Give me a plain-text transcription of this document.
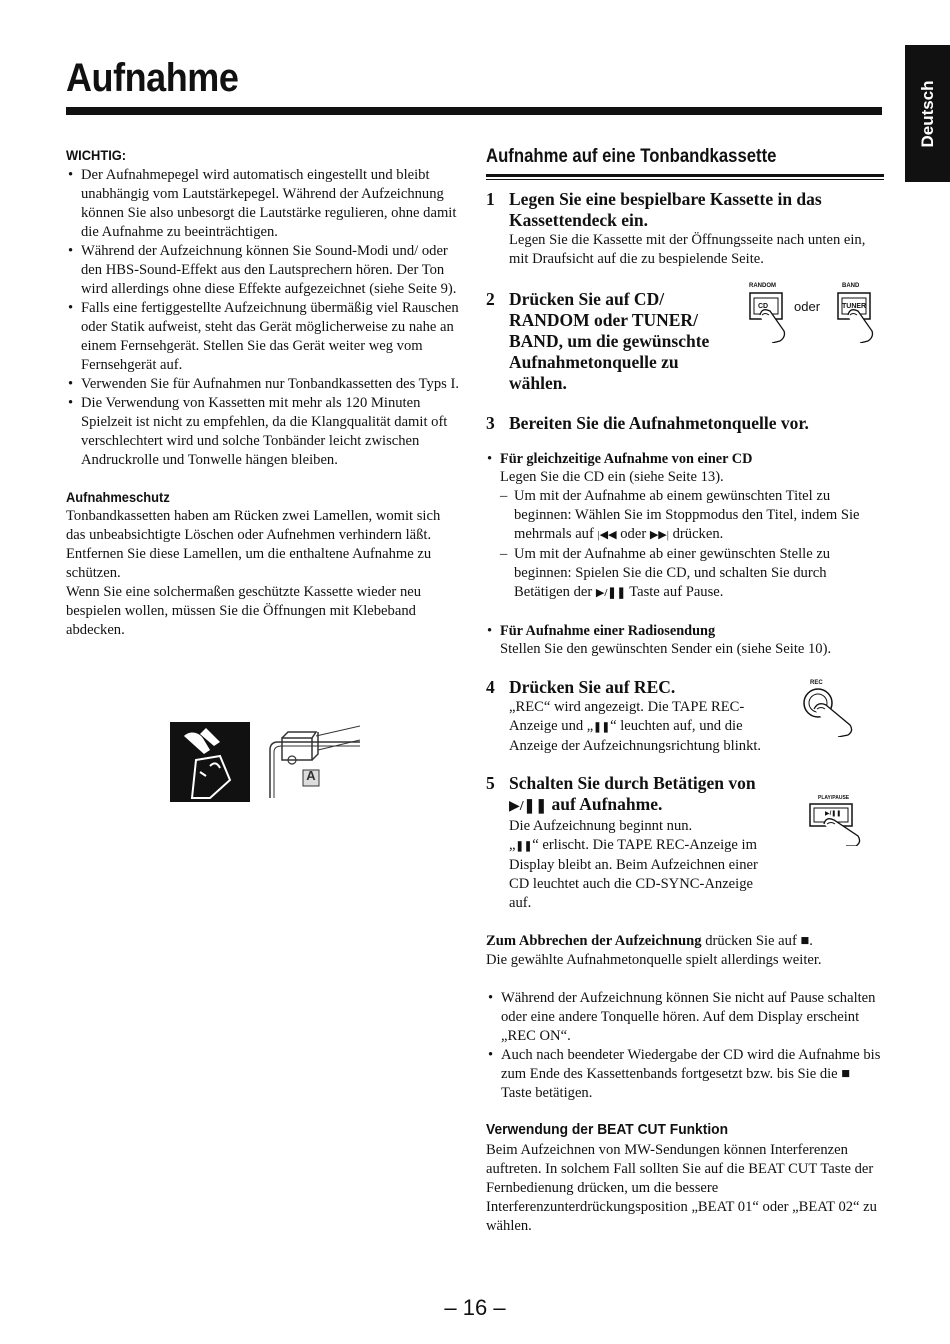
Aufnahme
Deutsch
WICHTIG:
• Der Aufnahmepegel wird automatisch eingestellt und bleibt unabhängig vom Lautstärkepegel. Während der Aufzeichnung können Sie also unbesorgt die Lautstärke regulieren, ohne damit die Aufnahme zu beeinträchtigen.
• Während der Aufzeichnung können Sie Sound-Modi und/ oder den HBS-Sound-Effekt aus den Lautsprechern hören. Der Ton wird allerdings ohne diese Effekte aufgezeichnet (siehe Seite 9).
• Falls eine fertiggestellte Aufzeichnung übermäßig viel Rauschen oder Statik aufweist, steht das Gerät möglicherweise zu nahe an einem Fernsehgerät. Stellen Sie das Gerät weiter weg vom Fernsehgerät auf.
• Verwenden Sie für Aufnahmen nur Tonbandkassetten des Typs I.
• Die Verwendung von Kassetten mit mehr als 120 Minuten Spielzeit ist nicht zu empfehlen, da die Klangqualität damit oft verschlechtert wird und solche Tonbänder leicht zwischen Andruckrolle und Tonwelle hängen bleiben.
Aufnahmeschutz

Tonbandkassetten haben am Rücken zwei Lamellen, womit sich das unbeabsichtigte Löschen oder Aufnehmen verhindern läßt.

Entfernen Sie diese Lamellen, um die enthaltene Aufnahme zu schützen.

Wenn Sie eine solchermaßen geschützte Kassette wieder neu bespielen wollen, müssen Sie die Öffnungen mit Klebeband abdecken.

A
Aufnahme auf eine Tonbandkassette
1 Legen Sie eine bespielbare Kassette in das Kassettendeck ein.

Legen Sie die Kassette mit der Öffnungsseite nach unten ein, mit Draufsicht auf die zu bespielende Seite.

2 Drücken Sie auf CD/ RANDOM oder TUNER/ BAND, um die gewünschte Aufnahmetonquelle zu wählen.
3 Bereiten Sie die Aufnahmetonquelle vor.
• Für gleichzeitige Aufnahme von einer CD

Legen Sie die CD ein (siehe Seite 13).

– Um mit der Aufnahme ab einem gewünschten Titel zu beginnen: Wählen Sie im Stoppmodus den Titel, indem Sie mehrmals auf |◀◀ oder ▶▶| drücken.
– Um mit der Aufnahme ab einer gewünschten Stelle zu beginnen: Spielen Sie die CD, und schalten Sie durch Betätigen der ▶/❚❚ Taste auf Pause.
• Für Aufnahme einer Radiosendung

Stellen Sie den gewünschten Sender ein (siehe Seite 10).

4 Drücken Sie auf REC.

„REC“ wird angezeigt. Die TAPE REC-Anzeige und „❚❚“ leuchten auf, und die Anzeige der Aufzeichnungsrichtung blinkt.

5 Schalten Sie durch Betätigen von ▶/❚❚ auf Aufnahme.

Die Aufzeichnung beginnt nun.

„❚❚“ erlischt. Die TAPE REC-Anzeige im Display bleibt an. Beim Aufzeichnen einer CD leuchtet auch die CD-SYNC-Anzeige auf.

Zum Abbrechen der Aufzeichnung drücken Sie auf ■.

Die gewählte Aufnahmetonquelle spielt allerdings weiter.

• Während der Aufzeichnung können Sie nicht auf Pause schalten oder eine andere Tonquelle hören. Auf dem Display erscheint „REC ON“.
• Auch nach beendeter Wiedergabe der CD wird die Aufnahme bis zum Ende des Kassettenbands fortgesetzt bzw. bis Sie die ■ Taste betätigen.
Verwendung der BEAT CUT Funktion

Beim Aufzeichnen von MW-Sendungen können Interferenzen auftreten. In solchem Fall sollten Sie auf die BEAT CUT Taste der Fernbedienung drücken, um die bessere Interferenzunterdrückungsposition „BEAT 01“ oder „BEAT 02“ zu wählen.

RANDOM
CD oder
BAND
TUNER
REC
PLAY/PAUSE
▶/❚❚
– 16 –
